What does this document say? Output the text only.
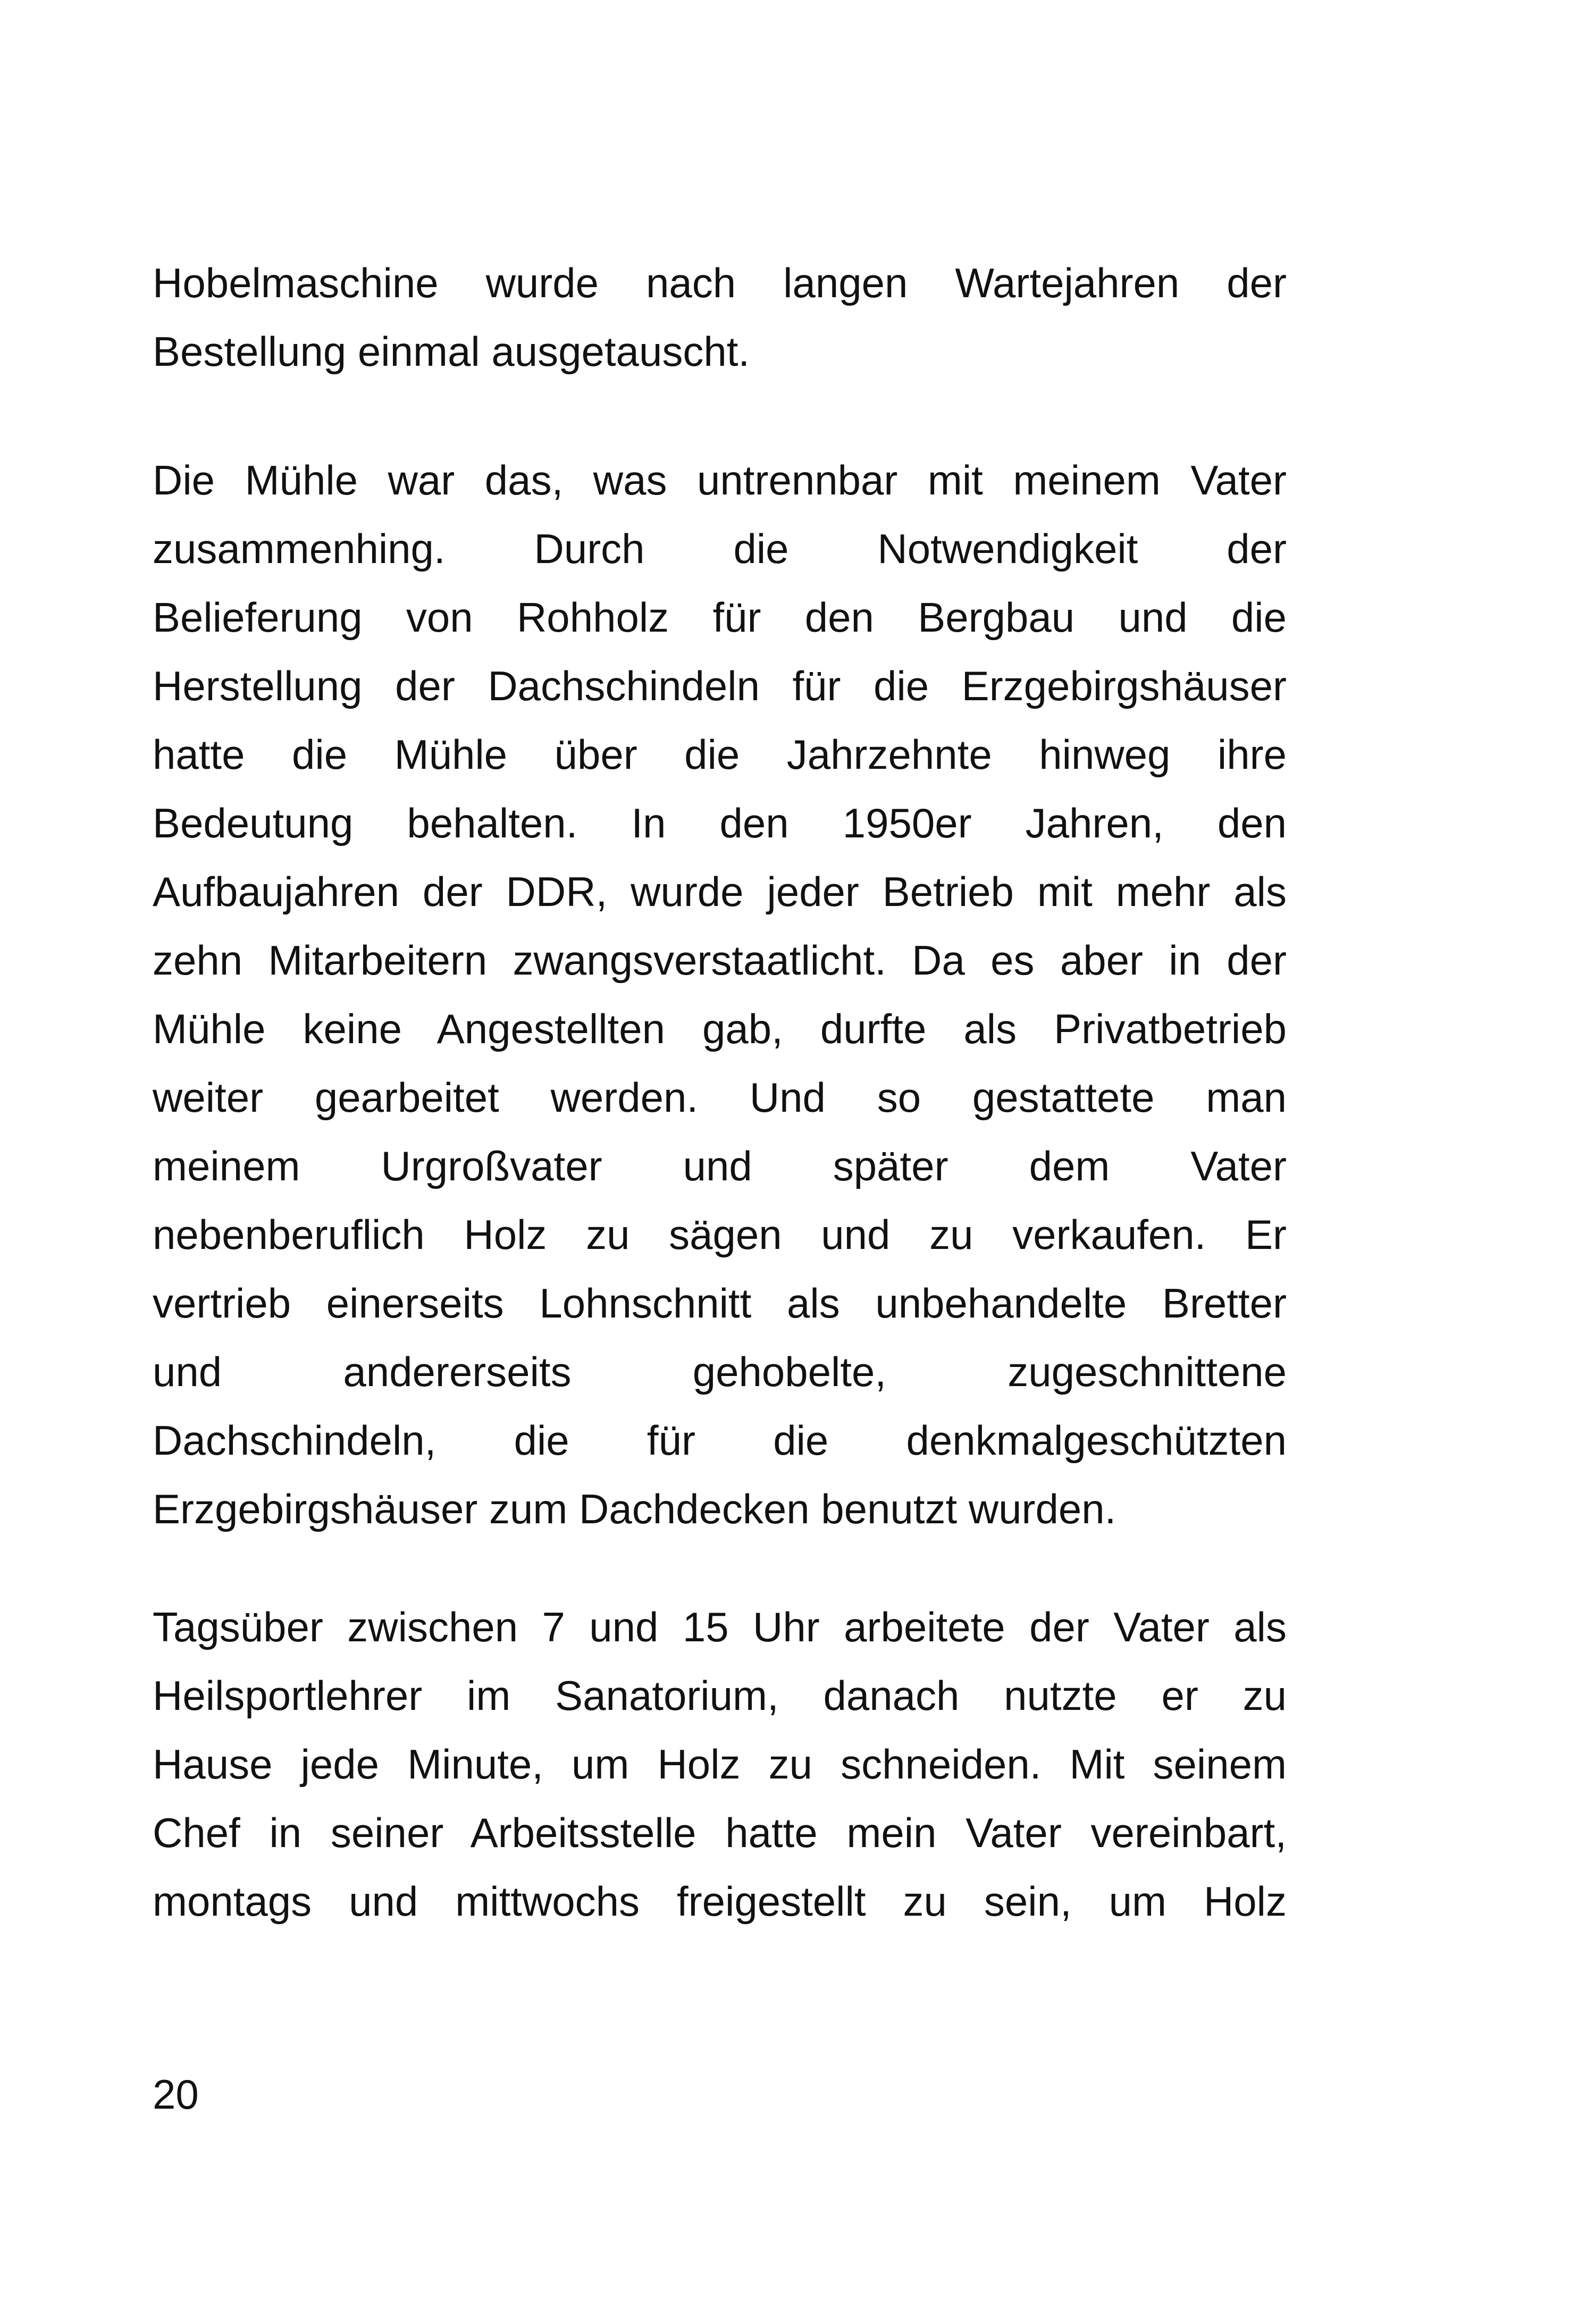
Hobelmaschine wurde nach langen Wartejahren der
Bestellung einmal ausgetauscht.
Die Mühle war das, was untrennbar mit meinem Vater
zusammenhing. Durch die Notwendigkeit der
Belieferung von Rohholz für den Bergbau und die
Herstellung der Dachschindeln für die Erzgebirgshäuser
hatte die Mühle über die Jahrzehnte hinweg ihre
Bedeutung behalten. In den 1950er Jahren, den
Aufbaujahren der DDR, wurde jeder Betrieb mit mehr als
zehn Mitarbeitern zwangsverstaatlicht. Da es aber in der
Mühle keine Angestellten gab, durfte als Privatbetrieb
weiter gearbeitet werden. Und so gestattete man
meinem Urgroßvater und später dem Vater
nebenberuflich Holz zu sägen und zu verkaufen. Er
vertrieb einerseits Lohnschnitt als unbehandelte Bretter
und andererseits gehobelte, zugeschnittene
Dachschindeln, die für die denkmalgeschützten
Erzgebirgshäuser zum Dachdecken benutzt wurden.
Tagsüber zwischen 7 und 15 Uhr arbeitete der Vater als
Heilsportlehrer im Sanatorium, danach nutzte er zu
Hause jede Minute, um Holz zu schneiden. Mit seinem
Chef in seiner Arbeitsstelle hatte mein Vater vereinbart,
montags und mittwochs freigestellt zu sein, um Holz
20
